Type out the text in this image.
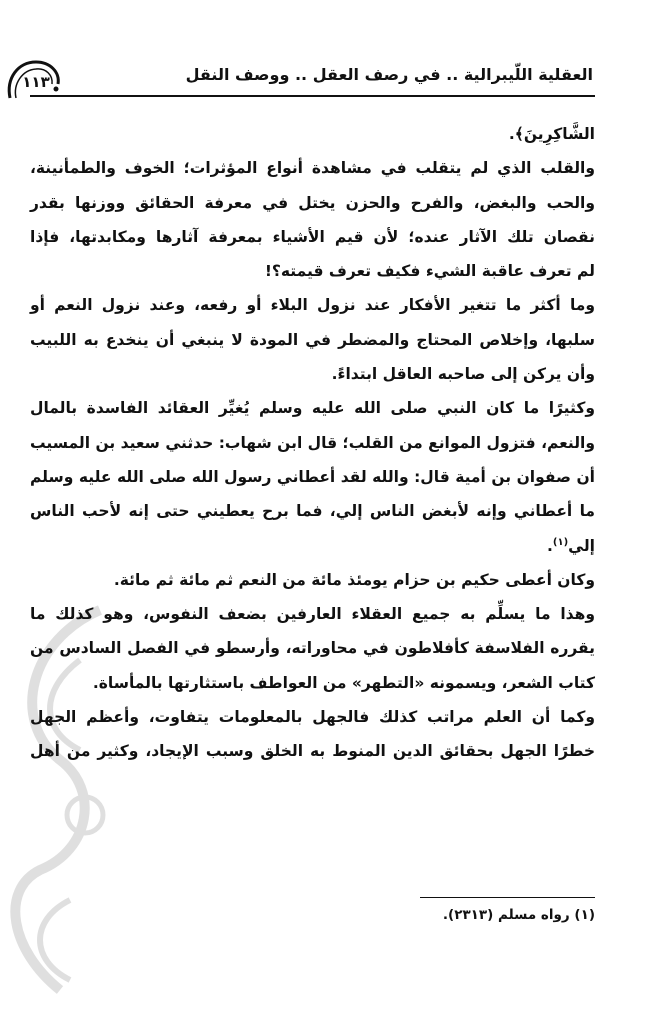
العقلية اللّيبرالية .. في رصف العقل .. ووصف النقل
١١٣
الشَّاكِرِينَ﴾.
والقلب الذي لم يتقلب في مشاهدة أنواع المؤثرات؛ الخوف والطمأنينة،
والحب والبغض، والفرح والحزن يختل في معرفة الحقائق ووزنها بقدر
نقصان تلك الآثار عنده؛ لأن قيم الأشياء بمعرفة آثارها ومكابدتها، فإذا
لم تعرف عاقبة الشيء فكيف تعرف قيمته؟!
وما أكثر ما تتغير الأفكار عند نزول البلاء أو رفعه، وعند نزول النعم أو
سلبها، وإخلاص المحتاج والمضطر في المودة لا ينبغي أن ينخدع به اللبيب
وأن يركن إلى صاحبه العاقل ابتداءً.
وكثيرًا ما كان النبي صلى الله عليه وسلم يُغيِّر العقائد الفاسدة بالمال
والنعم، فتزول الموانع من القلب؛ قال ابن شهاب: حدثني سعيد بن المسيب
أن صفوان بن أمية قال: والله لقد أعطاني رسول الله صلى الله عليه وسلم
ما أعطاني وإنه لأبغض الناس إلي، فما برح يعطيني حتى إنه لأحب الناس
إلي$^{(١)}$.
وكان أعطى حكيم بن حزام يومئذ مائة من النعم ثم مائة ثم مائة.
وهذا ما يسلِّم به جميع العقلاء العارفين بضعف النفوس، وهو كذلك ما
يقرره الفلاسفة كأفلاطون في محاوراته، وأرسطو في الفصل السادس من
كتاب الشعر، ويسمونه «التطهر» من العواطف باستثارتها بالمأساة.
وكما أن العلم مراتب كذلك فالجهل بالمعلومات يتفاوت، وأعظم الجهل
خطرًا الجهل بحقائق الدين المنوط به الخلق وسبب الإيجاد، وكثير من أهل
(١) رواه مسلم (٢٣١٣).
